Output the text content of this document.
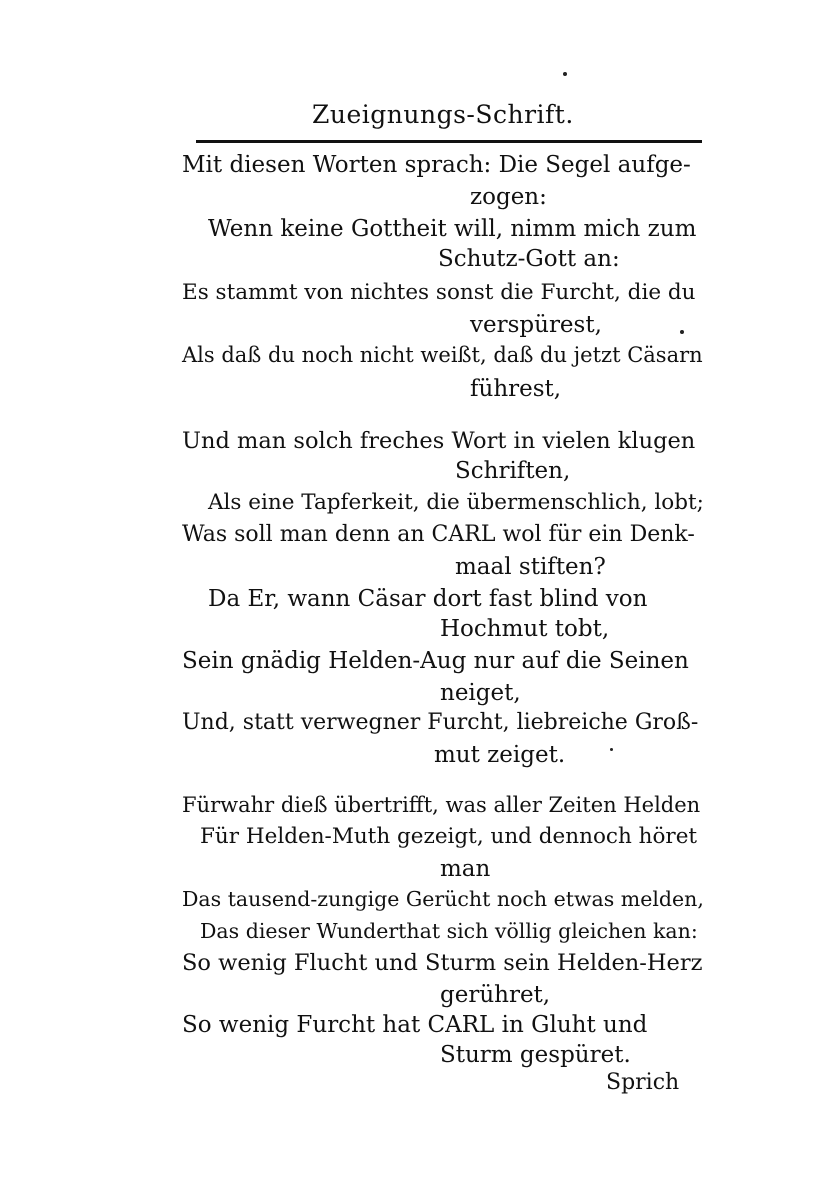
Zueignungs-Schrift.
Mit diesen Worten sprach: Die Segel aufge-
zogen:
Wenn keine Gottheit will, nimm mich zum
Schutz-Gott an:
Es stammt von nichtes sonst die Furcht, die du
verspürest,
Als daß du noch nicht weißt, daß du jetzt Cäsarn
führest,
Und man solch freches Wort in vielen klugen
Schriften,
Als eine Tapferkeit, die übermenschlich, lobt;
Was soll man denn an CARL wol für ein Denk-
maal stiften?
Da Er, wann Cäsar dort fast blind von
Hochmut tobt,
Sein gnädig Helden-Aug nur auf die Seinen
neiget,
Und, statt verwegner Furcht, liebreiche Groß-
mut zeiget.
Fürwahr dieß übertrifft, was aller Zeiten Helden
Für Helden-Muth gezeigt, und dennoch höret
man
Das tausend-zungige Gerücht noch etwas melden,
Das dieser Wunderthat sich völlig gleichen kan:
So wenig Flucht und Sturm sein Helden-Herz
gerühret,
So wenig Furcht hat CARL in Gluht und
Sturm gespüret.
Sprich
